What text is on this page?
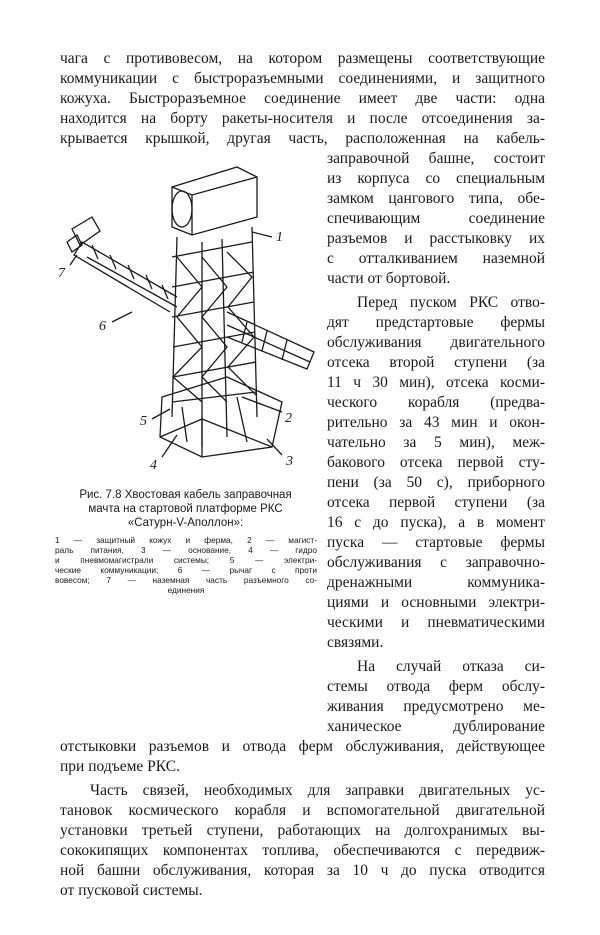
чага с противовесом, на котором размещены соответствующие
коммуникации с быстроразъемными соединениями, и защитного
кожуха. Быстроразъемное соединение имеет две части: одна
находится на борту ракеты-носителя и после отсоединения за-
крывается крышкой, другая часть, расположенная на кабель-
заправочной башне, состоит
из корпуса со специальным
замком цангового типа, обе-
спечивающим соединение
разъемов и расстыковку их
с отталкиванием наземной
части от бортовой.
Перед пуском РКС отво-
дят предстартовые фермы
обслуживания двигательного
отсека второй ступени (за
11 ч 30 мин), отсека косми-
ческого корабля (предва-
рительно за 43 мин и окон-
чательно за 5 мин), меж-
бакового отсека первой сту-
пени (за 50 с), приборного
отсека первой ступени (за
16 с до пуска), а в момент
пуска — стартовые фермы
обслуживания с заправочно-
дренажными коммуникa-
циями и основными электри-
ческими и пневматическими
связями.
На случай отказа си-
стемы отвода ферм обслу-
живания предусмотрено ме-
ханическое дублирование
отстыковки разъемов и отвода ферм обслуживания, действующее
при подъеме РКС.
Часть связей, необходимых для заправки двигательных ус-
тановок космического корабля и вспомогательной двигательной
установки третьей ступени, работающих на долгохранимых вы-
сококипящих компонентах топлива, обеспечиваются с передвиж-
ной башни обслуживания, которая за 10 ч до пуска отводится
от пусковой системы.
1
2
3
4
5
6
7
Рис. 7.8 Хвостовая кабель заправочная
мачта на стартовой платформе РКС
«Сатурн-V-Аполлон»:
1 — защитный кожух и ферма, 2 — магист-
раль питания, 3 — основание, 4 — гидро
и пневмомагистрали системы; 5 — электри-
ческие коммуникации; 6 — рычаг с проти
вовесом; 7 — наземная часть разъемного со-
единения
